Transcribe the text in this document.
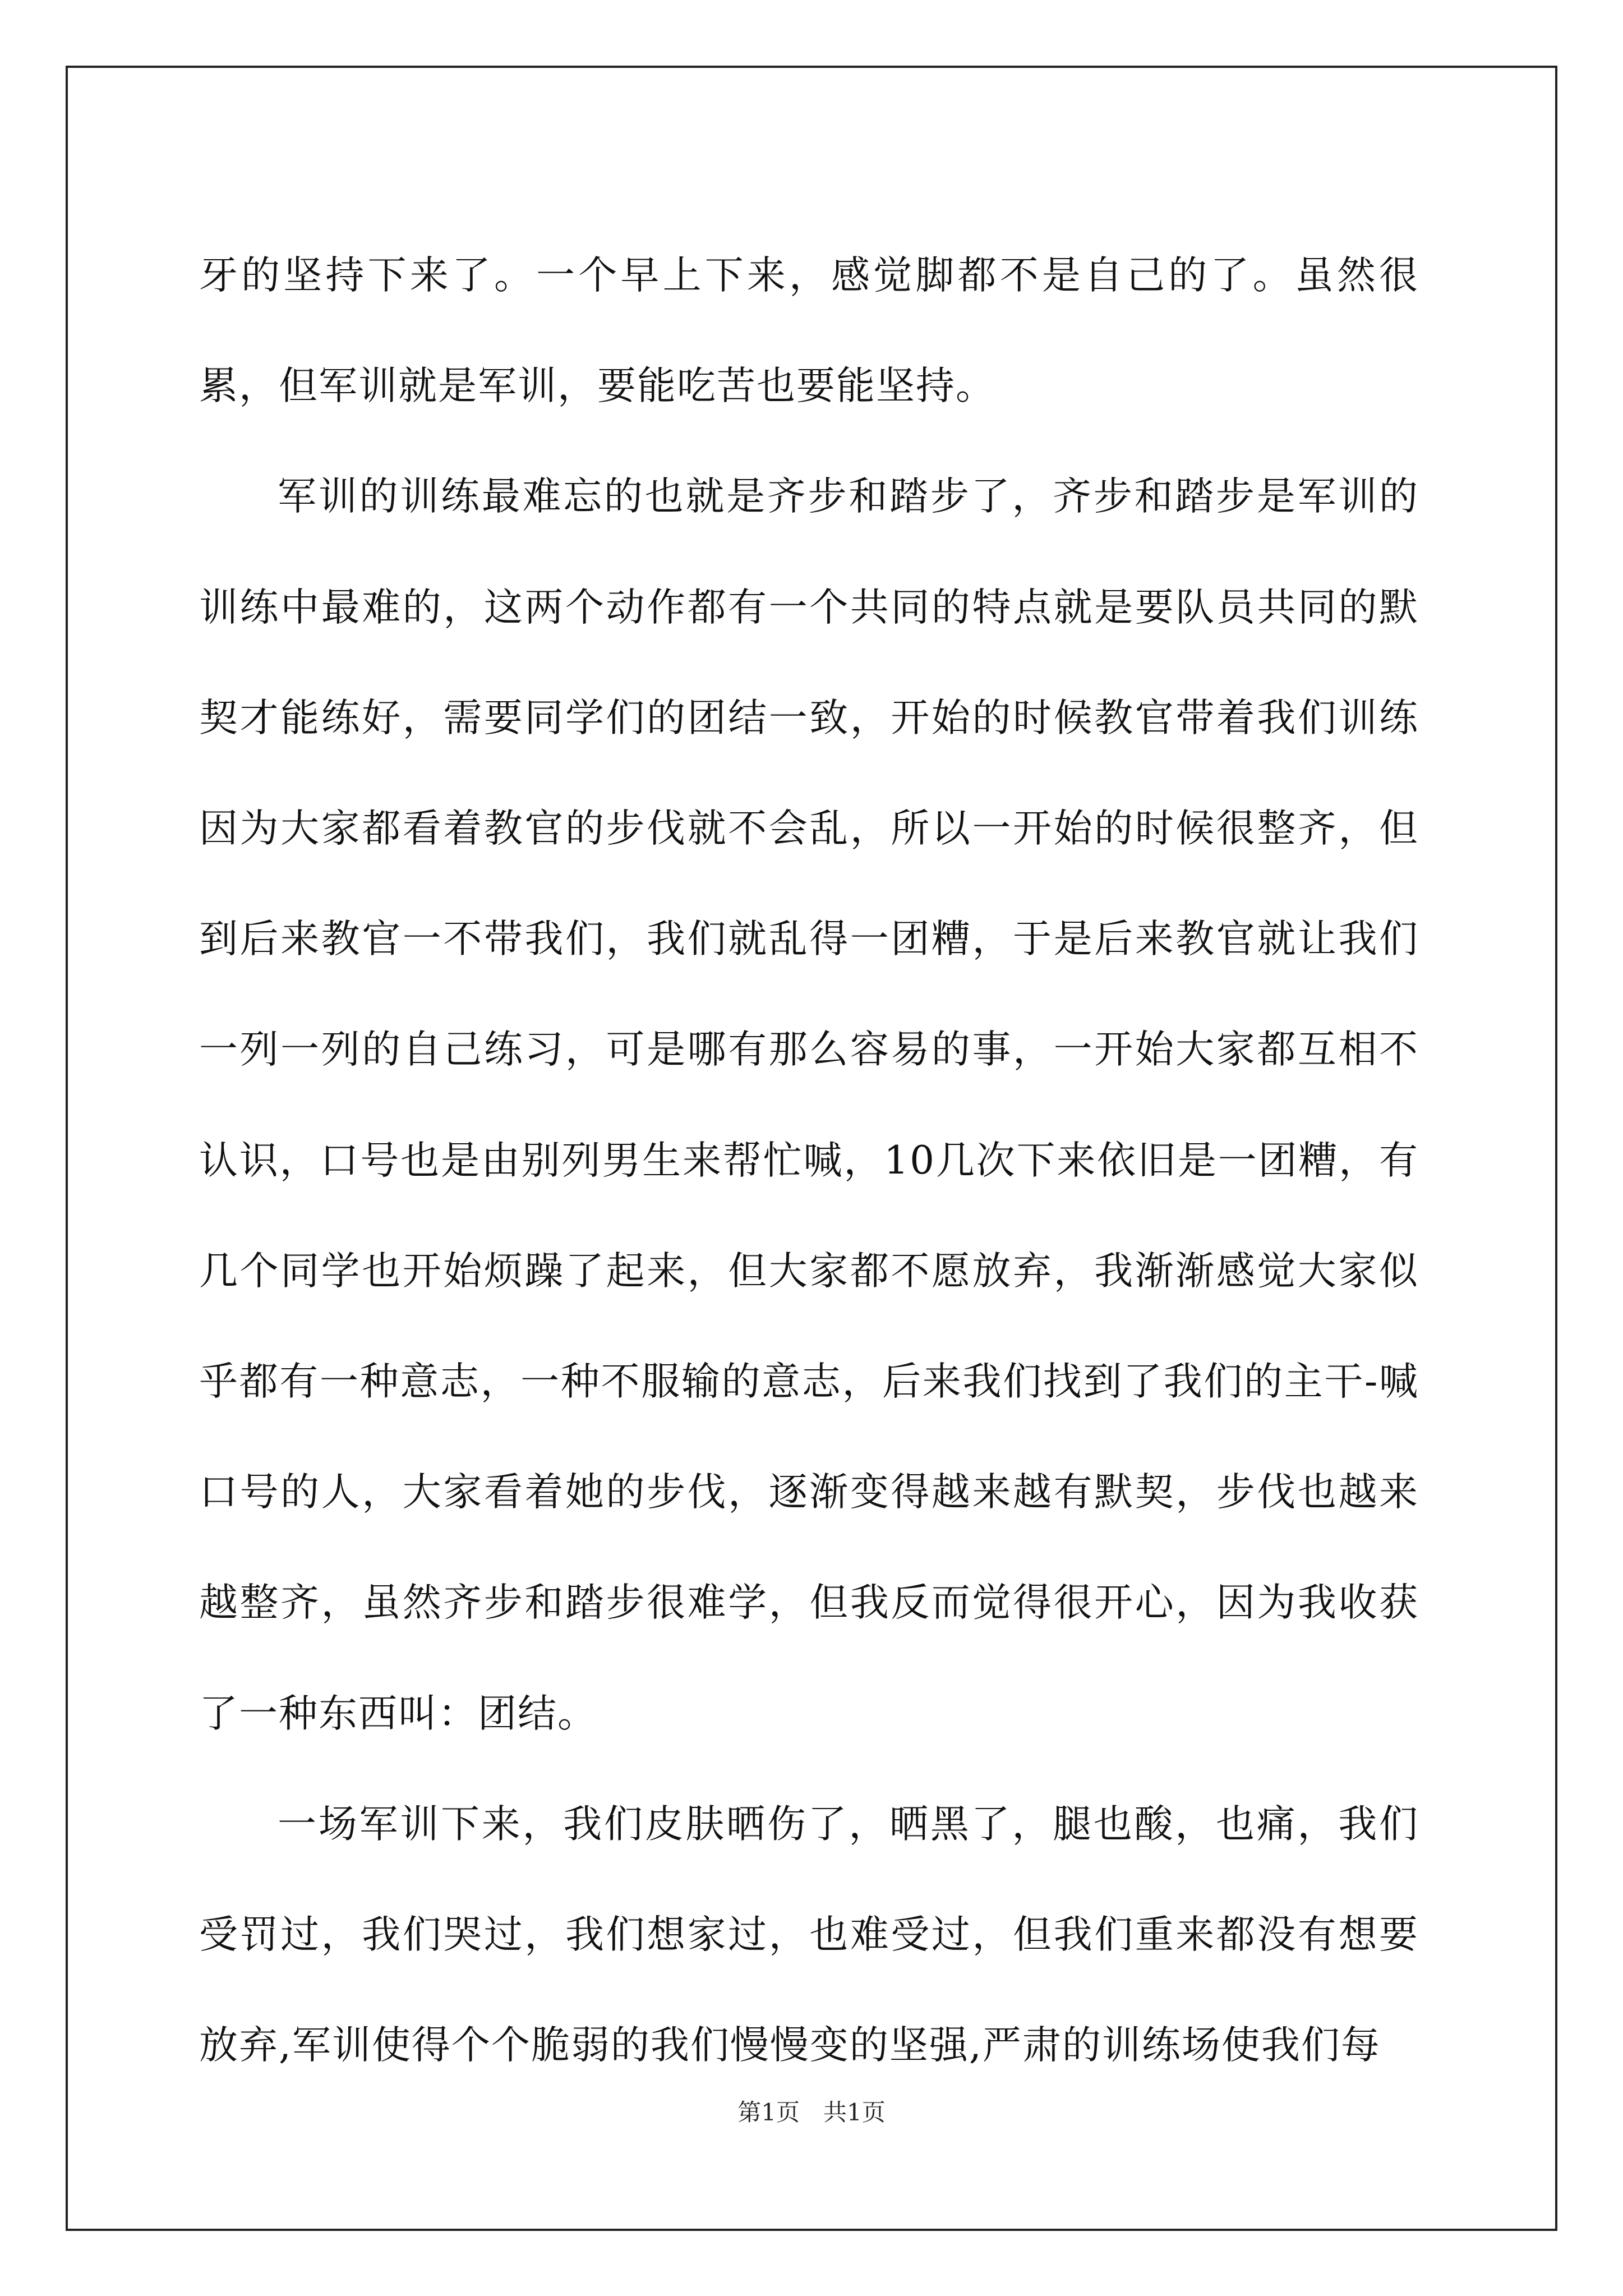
牙的坚持下来了。一个早上下来，感觉脚都不是自己的了。虽然很累，但军训就是军训，要能吃苦也要能坚持。

军训的训练最难忘的也就是齐步和踏步了，齐步和踏步是军训的训练中最难的，这两个动作都有一个共同的特点就是要队员共同的默契才能练好，需要同学们的团结一致，开始的时候教官带着我们训练因为大家都看着教官的步伐就不会乱，所以一开始的时候很整齐，但到后来教官一不带我们，我们就乱得一团糟，于是后来教官就让我们一列一列的自己练习，可是哪有那么容易的事，一开始大家都互相不认识，口号也是由别列男生来帮忙喊，10几次下来依旧是一团糟，有几个同学也开始烦躁了起来，但大家都不愿放弃，我渐渐感觉大家似乎都有一种意志，一种不服输的意志，后来我们找到了我们的主干-喊口号的人，大家看着她的步伐，逐渐变得越来越有默契，步伐也越来越整齐，虽然齐步和踏步很难学，但我反而觉得很开心，因为我收获了一种东西叫：团结。

一场军训下来，我们皮肤晒伤了，晒黑了，腿也酸，也痛，我们受罚过，我们哭过，我们想家过，也难受过，但我们重来都没有想要放弃,军训使得个个脆弱的我们慢慢变的坚强,严肃的训练场使我们每

第1页　共1页
